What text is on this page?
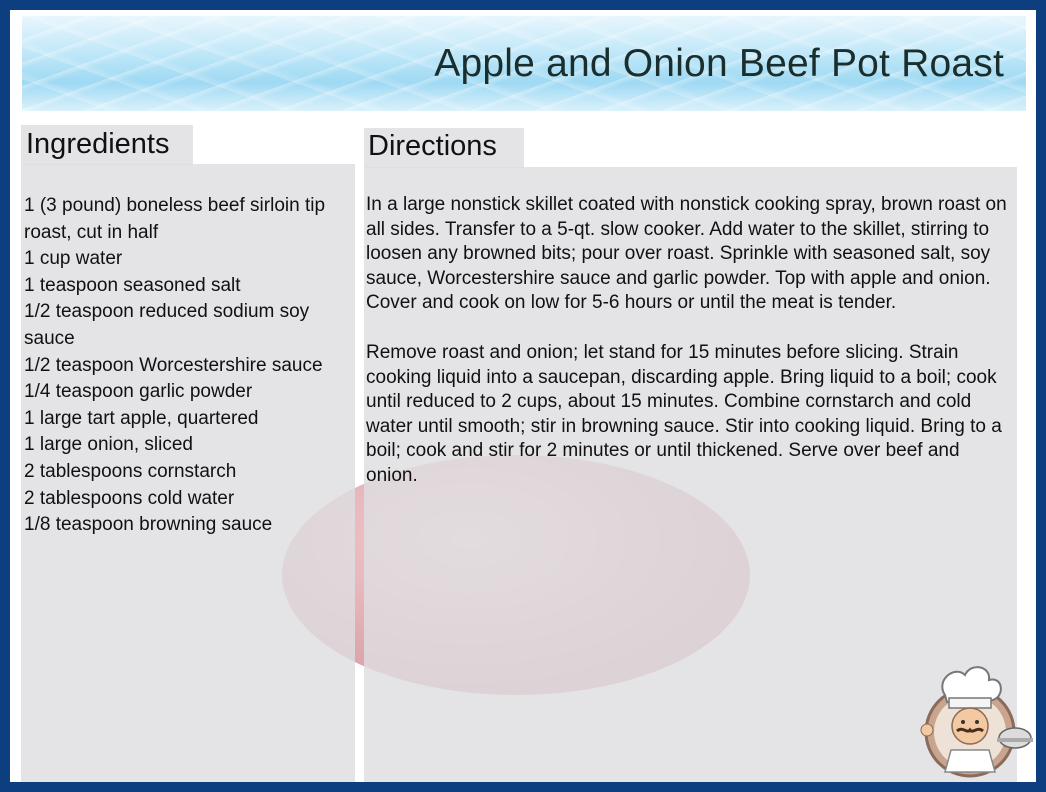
Apple and Onion Beef Pot Roast
Ingredients
1 (3 pound) boneless beef sirloin tip roast, cut in half
1 cup water
1 teaspoon seasoned salt
1/2 teaspoon reduced sodium soy sauce
1/2 teaspoon Worcestershire sauce
1/4 teaspoon garlic powder
1 large tart apple, quartered
1 large onion, sliced
2 tablespoons cornstarch
2 tablespoons cold water
1/8 teaspoon browning sauce
Directions

In a large nonstick skillet coated with nonstick cooking spray, brown roast on all sides. Transfer to a 5-qt. slow cooker. Add water to the skillet, stirring to loosen any browned bits; pour over roast. Sprinkle with seasoned salt, soy sauce, Worcestershire sauce and garlic powder. Top with apple and onion. Cover and cook on low for 5-6 hours or until the meat is tender.

Remove roast and onion; let stand for 15 minutes before slicing. Strain cooking liquid into a saucepan, discarding apple. Bring liquid to a boil; cook until reduced to 2 cups, about 15 minutes. Combine cornstarch and cold water until smooth; stir in browning sauce. Stir into cooking liquid. Bring to a boil; cook and stir for 2 minutes or until thickened. Serve over beef and onion.
